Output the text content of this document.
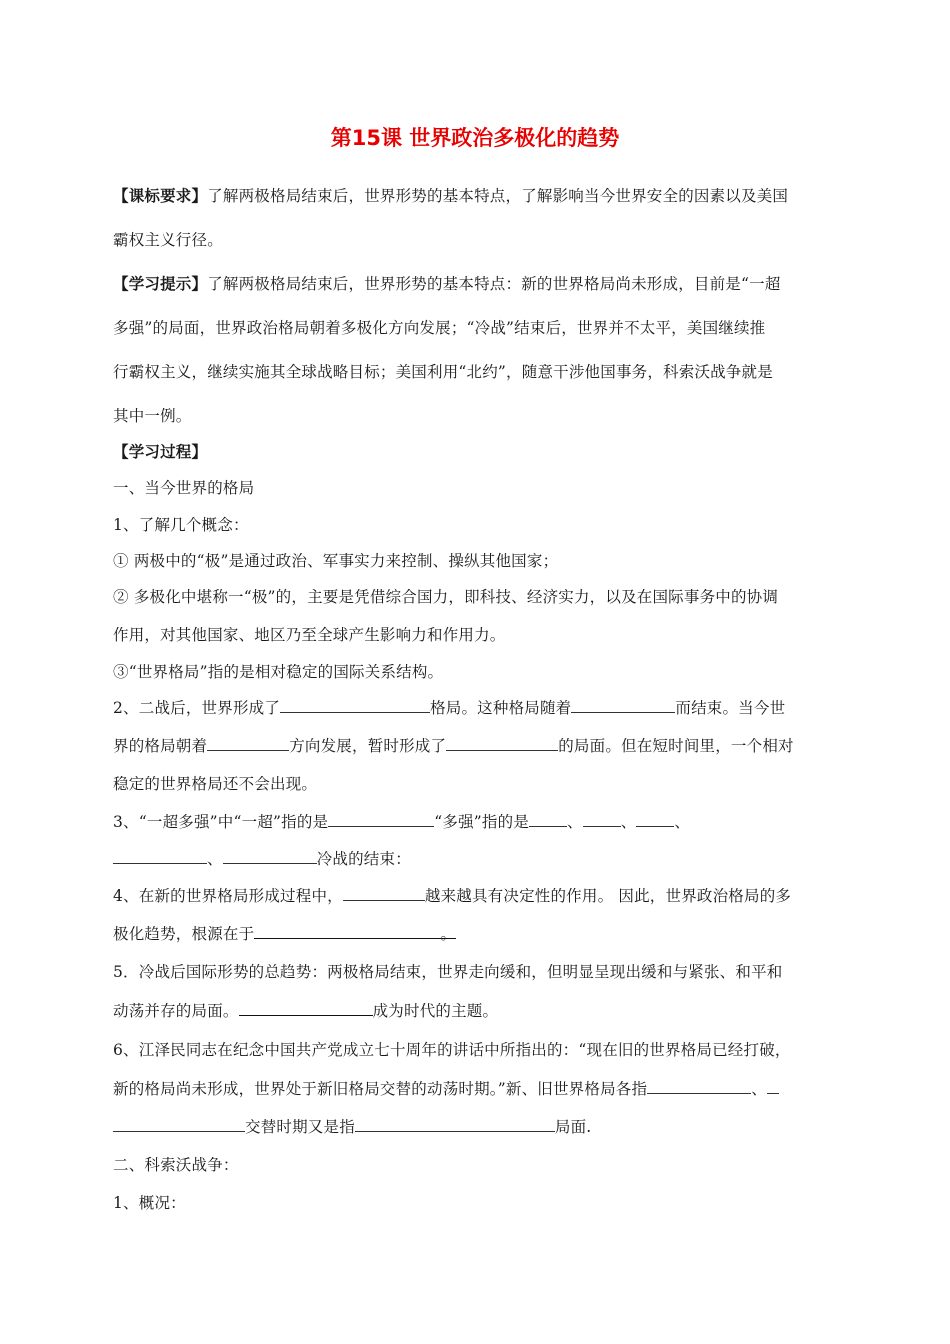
第15课 世界政治多极化的趋势
【课标要求】了解两极格局结束后，世界形势的基本特点，了解影响当今世界安全的因素以及美国
霸权主义行径。
【学习提示】了解两极格局结束后，世界形势的基本特点：新的世界格局尚未形成，目前是“一超
多强”的局面，世界政治格局朝着多极化方向发展；“冷战”结束后，世界并不太平，美国继续推
行霸权主义，继续实施其全球战略目标；美国利用“北约”，随意干涉他国事务，科索沃战争就是
其中一例。
【学习过程】
一、当今世界的格局
1、了解几个概念：
① 两极中的“极”是通过政治、军事实力来控制、操纵其他国家；
② 多极化中堪称一“极”的，主要是凭借综合国力，即科技、经济实力，以及在国际事务中的协调
作用，对其他国家、地区乃至全球产生影响力和作用力。
③“世界格局”指的是相对稳定的国际关系结构。
2、二战后，世界形成了	格局。这种格局随着	而结束。当今世
界的格局朝着	方向发展，暂时形成了	的局面。但在短时间里，一个相对
稳定的世界格局还不会出现。
3、“一超多强”中“一超”指的是	“多强”指的是 、 、 、
、	冷战的结束：
4、在新的世界格局形成过程中，	越来越具有决定性的作用。 因此，世界政治格局的多
极化趋势，根源在于	。
5．冷战后国际形势的总趋势：两极格局结束，世界走向缓和，但明显呈现出缓和与紧张、和平和
动荡并存的局面。	成为时代的主题。
6、江泽民同志在纪念中国共产党成立七十周年的讲话中所指出的：“现在旧的世界格局已经打破，
新的格局尚未形成，世界处于新旧格局交替的动荡时期。”新、旧世界格局各指	、
交替时期又是指	局面.
二、科索沃战争：
1、概况：
